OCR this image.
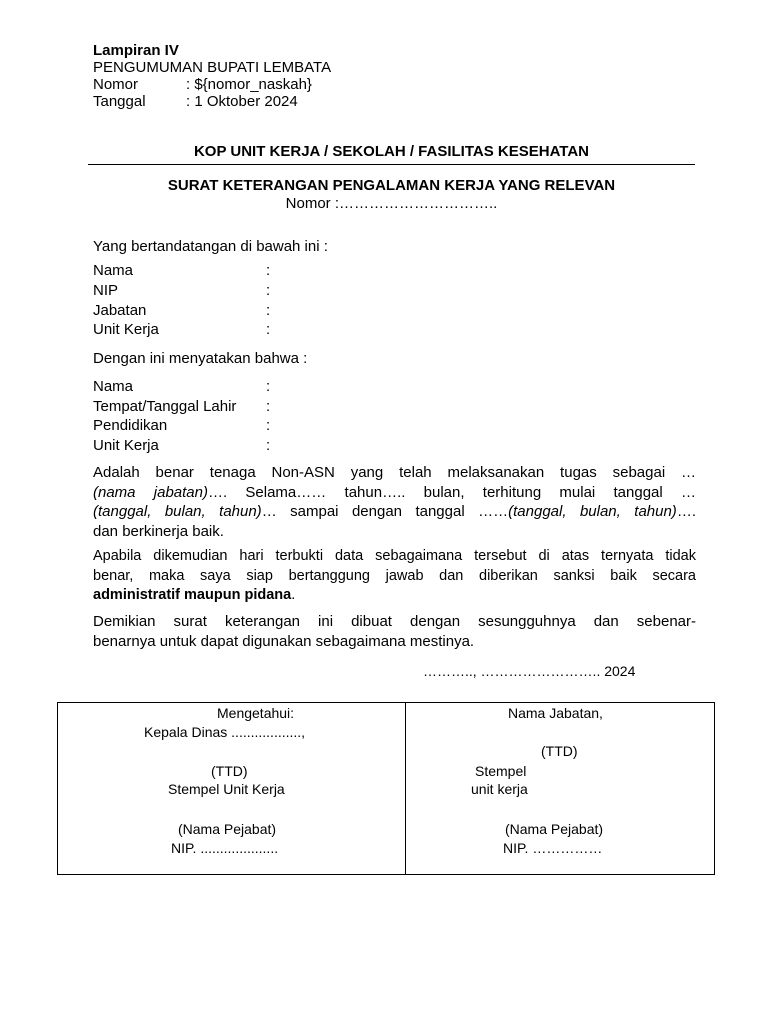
Lampiran IV
PENGUMUMAN BUPATI LEMBATA
Nomor	: ${nomor_naskah}
Tanggal	: 1 Oktober 2024
KOP UNIT KERJA / SEKOLAH / FASILITAS KESEHATAN
SURAT KETERANGAN PENGALAMAN KERJA YANG RELEVAN
Nomor :…………………………..
Yang bertandatangan di bawah ini :
Nama	:
NIP	:
Jabatan	:
Unit Kerja	:
Dengan ini menyatakan bahwa :
Nama	:
Tempat/Tanggal Lahir :
Pendidikan	:
Unit Kerja	:
Adalah benar tenaga Non-ASN yang telah melaksanakan tugas sebagai …
(nama jabatan)…. Selama…… tahun….. bulan, terhitung mulai tanggal …
(tanggal, bulan, tahun)… sampai dengan tanggal ……(tanggal, bulan, tahun)….
dan berkinerja baik.
Apabila dikemudian hari terbukti data sebagaimana tersebut di atas ternyata tidak
benar, maka saya siap bertanggung jawab dan diberikan sanksi baik secara
administratif maupun pidana.
Demikian surat keterangan ini dibuat dengan sesungguhnya dan sebenar-
benarnya untuk dapat digunakan sebagaimana mestinya.
……….., …………………….. 2024
Mengetahui:
Kepala Dinas ..................,
(TTD)
Stempel Unit Kerja
(Nama Pejabat)
NIP. ....................
Nama Jabatan,
(TTD)
Stempel
unit kerja
(Nama Pejabat)
NIP. ……………
